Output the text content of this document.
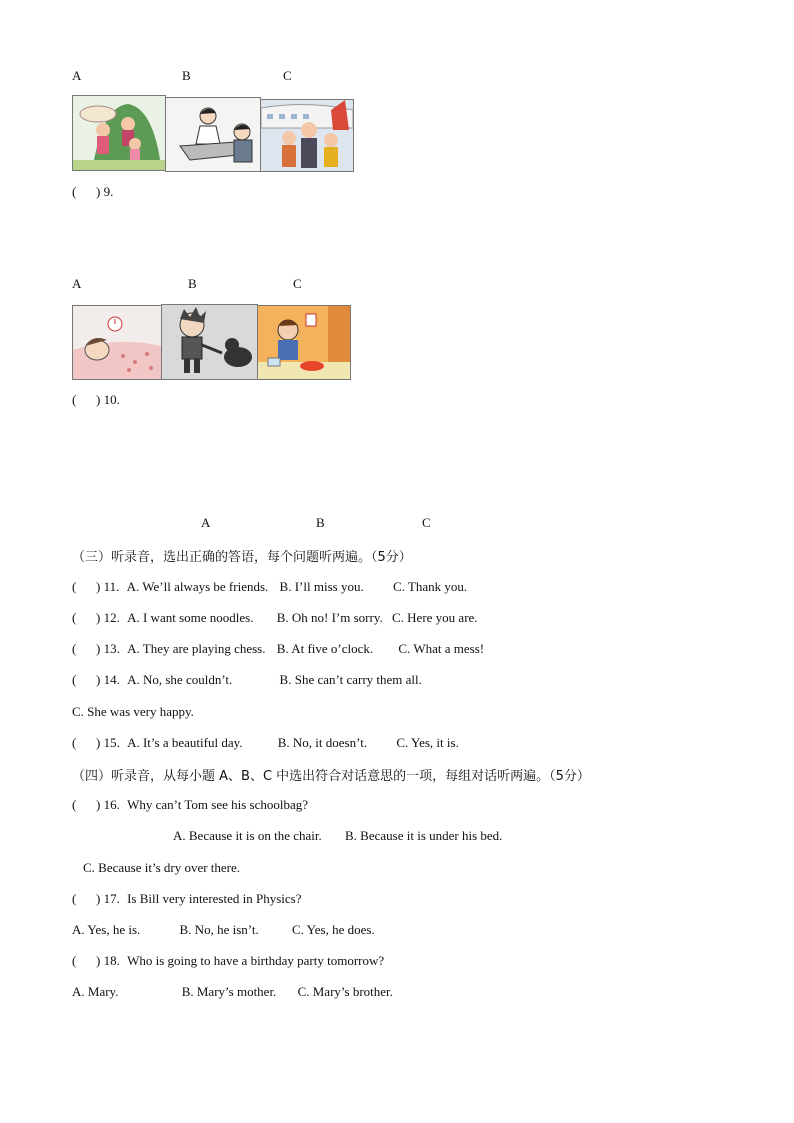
A	B	C
( ) 9.
A	B	C
( ) 10.
A	B	C
（三）听录音，选出正确的答语，每个问题听两遍。（5分）
( ) 11. A. We’ll always be friends. B. I’ll miss you. C. Thank you.
( ) 12. A. I want some noodles. B. Oh no! I’m sorry. C. Here you are.
( ) 13. A. They are playing chess. B. At five o’clock. C. What a mess!
( ) 14. A. No, she couldn’t.	B. She can’t carry them all.
C. She was very happy.
( ) 15. A. It’s a beautiful day.	B. No, it doesn’t. C. Yes, it is.
（四）听录音，从每小题 A、B、C 中选出符合对话意思的一项，每组对话听两遍。（5分）
( ) 16. Why can’t Tom see his schoolbag?
A. Because it is on the chair. B. Because it is under his bed.
C. Because it’s dry over there.
( ) 17. Is Bill very interested in Physics?
A. Yes, he is.	B. No, he isn’t.	C. Yes, he does.
( ) 18. Who is going to have a birthday party tomorrow?
A. Mary.	B. Mary’s mother. C. Mary’s brother.
